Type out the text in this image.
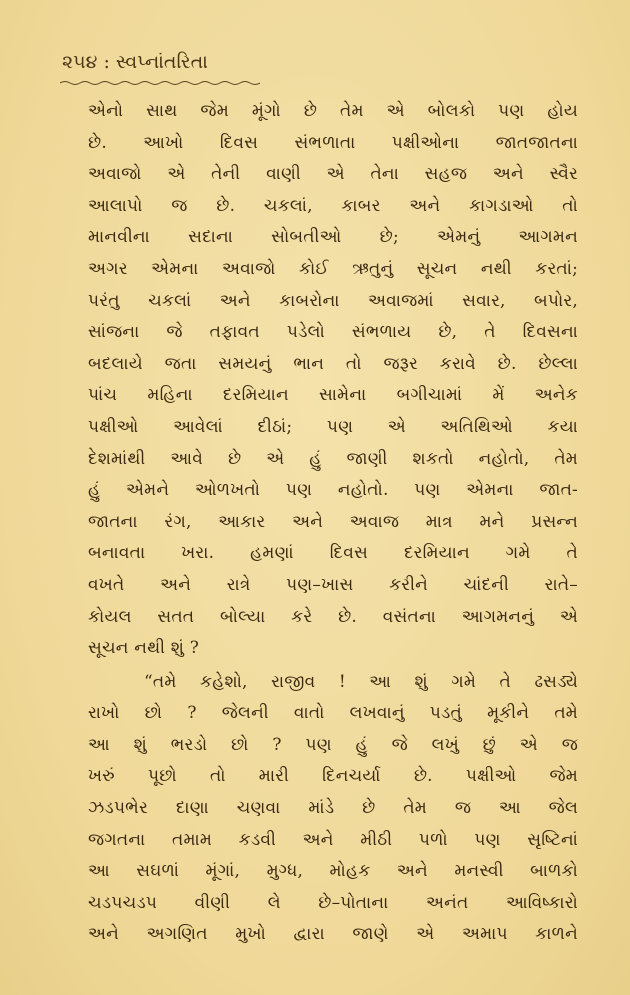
૨૫૪ : સ્વપ્નાંતરિતા
એનો સાથ જેમ મૂંગો છે તેમ એ બોલકો પણ હોય
છે. આખો દિવસ સંભળાતા પક્ષીઓના જાતજાતના
અવાજો એ તેની વાણી એ તેના સહજ અને સ્વૈર
આલાપો જ છે. ચકલાં, કાબર અને કાગડાઓ તો
માનવીના સદાના સોબતીઓ છે; એમનું આગમન
અગર એમના અવાજો કોઈ ઋતુનું સૂચન નથી કરતાં;
પરંતુ ચકલાં અને કાબરોના અવાજમાં સવાર, બપોર,
સાંજના જે તફાવત પડેલો સંભળાય છે, તે દિવસના
બદલાયે જતા સમયનું ભાન તો જરૂર કરાવે છે. છેલ્લા
પાંચ મહિના દરમિયાન સામેના બગીચામાં મેં અનેક
પક્ષીઓ આવેલાં દીઠાં; પણ એ અતિથિઓ કયા
દેશમાંથી આવે છે એ હું જાણી શકતો નહોતો, તેમ
હું એમને ઓળખતો પણ નહોતો. પણ એમના જાત-
જાતના રંગ, આકાર અને અવાજ માત્ર મને પ્રસન્ન
બનાવતા ખરા. હમણાં દિવસ દરમિયાન ગમે તે
વખતે અને રાત્રે પણ–ખાસ કરીને ચાંદની રાતે–
કોયલ સતત બોલ્યા કરે છે. વસંતના આગમનનું એ
સૂચન નથી શું ?
“તમે કહેશો, રાજીવ ! આ શું ગમે તે ઢસડ્યે
રાખો છો ? જેલની વાતો લખવાનું પડતું મૂકીને તમે
આ શું ભરડો છો ? પણ હું જે લખું છું એ જ
ખરું પૂછો તો મારી દિનચર્યા છે. પક્ષીઓ જેમ
ઝડપભેર દાણા ચણવા માંડે છે તેમ જ આ જેલ
જગતના તમામ કડવી અને મીઠી પળો પણ સૃષ્ટિનાં
આ સઘળાં મૂંગાં, મુગ્ધ, મોહક અને મનસ્વી બાળકો
ચડપચડપ વીણી લે છે–પોતાના અનંત આવિષ્કારો
અને અગણિત મુખો દ્વારા જાણે એ અમાપ કાળને
